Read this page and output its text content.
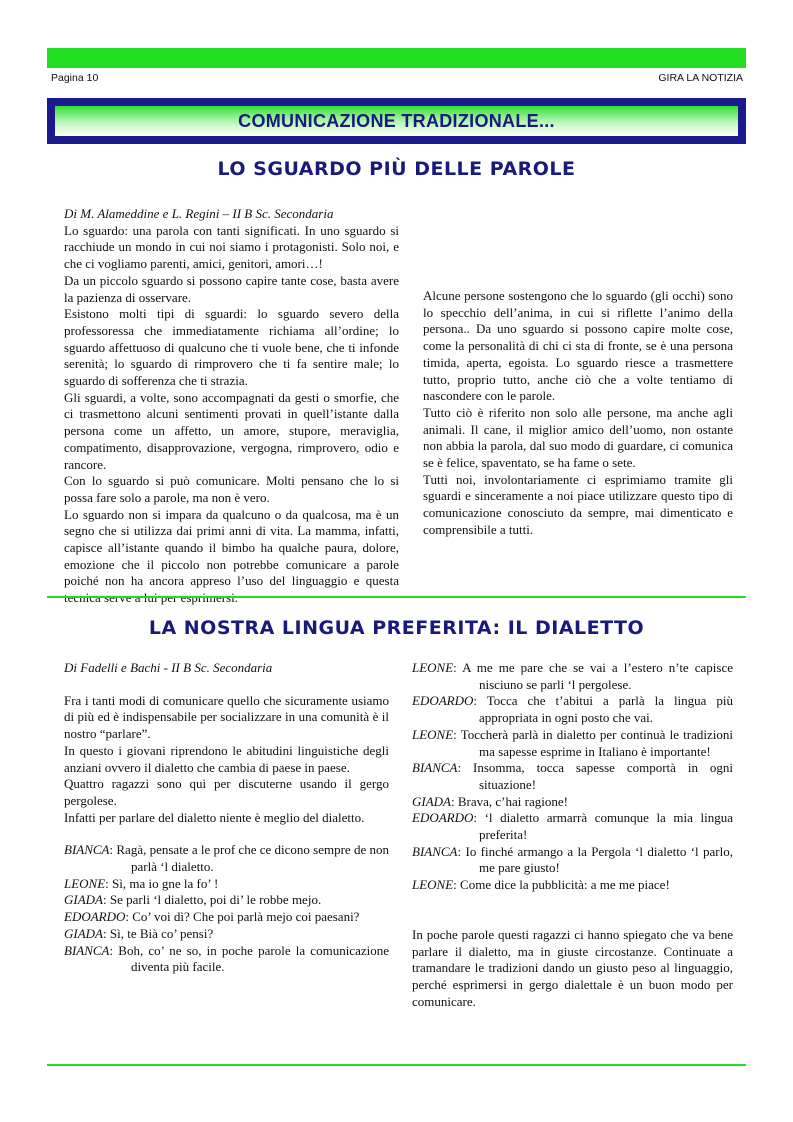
Pagina 10	GIRA LA NOTIZIA
COMUNICAZIONE TRADIZIONALE...
LO SGUARDO PIÙ DELLE PAROLE

Di M. Alameddine e L. Regini – II B Sc. Secondaria

Lo sguardo: una parola con tanti significati. In uno sguardo si racchiude un mondo in cui noi siamo i protagonisti. Solo noi, e che ci vogliamo parenti, amici, genitori, amori…!

Da un piccolo sguardo si possono capire tante cose, basta avere la pazienza di osservare.

Esistono molti tipi di sguardi: lo sguardo severo della professoressa che immediatamente richiama all’ordine; lo sguardo affettuoso di qualcuno che ti vuole bene, che ti infonde serenità; lo sguardo di rimprovero che ti fa sentire male; lo sguardo di sofferenza che ti strazia.

Gli sguardi, a volte, sono accompagnati da gesti o smorfie, che ci trasmettono alcuni sentimenti provati in quell’istante dalla persona come un affetto, un amore, stupore, meraviglia, compatimento, disapprovazione, vergogna, rimprovero, odio e rancore.

Con lo sguardo si può comunicare. Molti pensano che lo si possa fare solo a parole, ma non è vero.

Lo sguardo non si impara da qualcuno o da qualcosa, ma è un segno che si utilizza dai primi anni di vita. La mamma, infatti, capisce all’istante quando il bimbo ha qualche paura, dolore, emozione che il piccolo non potrebbe comunicare a parole poiché non ha ancora appreso l’uso del linguaggio e questa

Alcune persone sostengono che lo sguardo (gli occhi) sono lo specchio dell’anima, in cui si riflette l’animo della persona.. Da uno sguardo si possono capire molte cose, come la personalità di chi ci sta di fronte, se è una persona timida, aperta, egoista. Lo sguardo riesce a trasmettere tutto, proprio tutto, anche ciò che a volte tentiamo di nascondere con le parole.

Tutto ciò è riferito non solo alle persone, ma anche agli animali. Il cane, il miglior amico dell’uomo, non ostante non abbia la parola, dal suo modo di guardare, ci comunica se è felice, spaventato, se ha fame o sete.

Tutti noi, involontariamente ci esprimiamo tramite gli sguardi e sinceramente a noi piace utilizzare questo tipo di comunicazione conosciuto da sempre, mai dimenticato e comprensibile a tutti.

LA NOSTRA LINGUA PREFERITA: IL DIALETTO

Di Fadelli e Bachi - II B Sc. Secondaria

Fra i tanti modi di comunicare quello che sicuramente usiamo di più ed è indispensabile per socializzare in una comunità è il nostro “parlare”.

In questo i giovani riprendono le abitudini linguistiche degli anziani ovvero il dialetto che cambia di paese in paese.

Quattro ragazzi sono qui per discuterne usando il gergo pergolese.

Infatti per parlare del dialetto niente è meglio del dialetto.

BIANCA: Ragà, pensate a le prof che ce dicono sempre de non parlà ‘l dialetto.

LEONE: Sì, ma io gne la fo’ !

GIADA: Se parli ‘l dialetto, poi di’ le robbe mejo.

EDOARDO: Co’ voi dì? Che poi parlà mejo coi paesani?

GIADA: Sì, te Bià co’ pensi?

BIANCA: Boh, co’ ne so, in poche parole la comunicazione diventa più facile.

LEONE: A me me pare che se vai a l’estero n’te capisce nisciuno se parli ‘l pergolese.

EDOARDO: Tocca che t’abitui a parlà la lingua più appropriata in ogni posto che vai.

LEONE: Toccherà parlà in dialetto per continuà le tradizioni ma sapesse esprime in Italiano è importante!

BIANCA: Insomma, tocca sapesse comportà in ogni situazione!

GIADA: Brava, c’hai ragione!

EDOARDO: ‘l dialetto armarrà comunque la mia lingua preferita!

BIANCA: Io finché armango a la Pergola ‘l dialetto ‘l parlo, me pare giusto!

LEONE: Come dice la pubblicità: a me me piace!

In poche parole questi ragazzi ci hanno spiegato che va bene parlare il dialetto, ma in giuste circostanze. Continuate a tramandare le tradizioni dando un giusto peso al linguaggio, perché esprimersi in gergo dialettale è un buon modo per comunicare.
